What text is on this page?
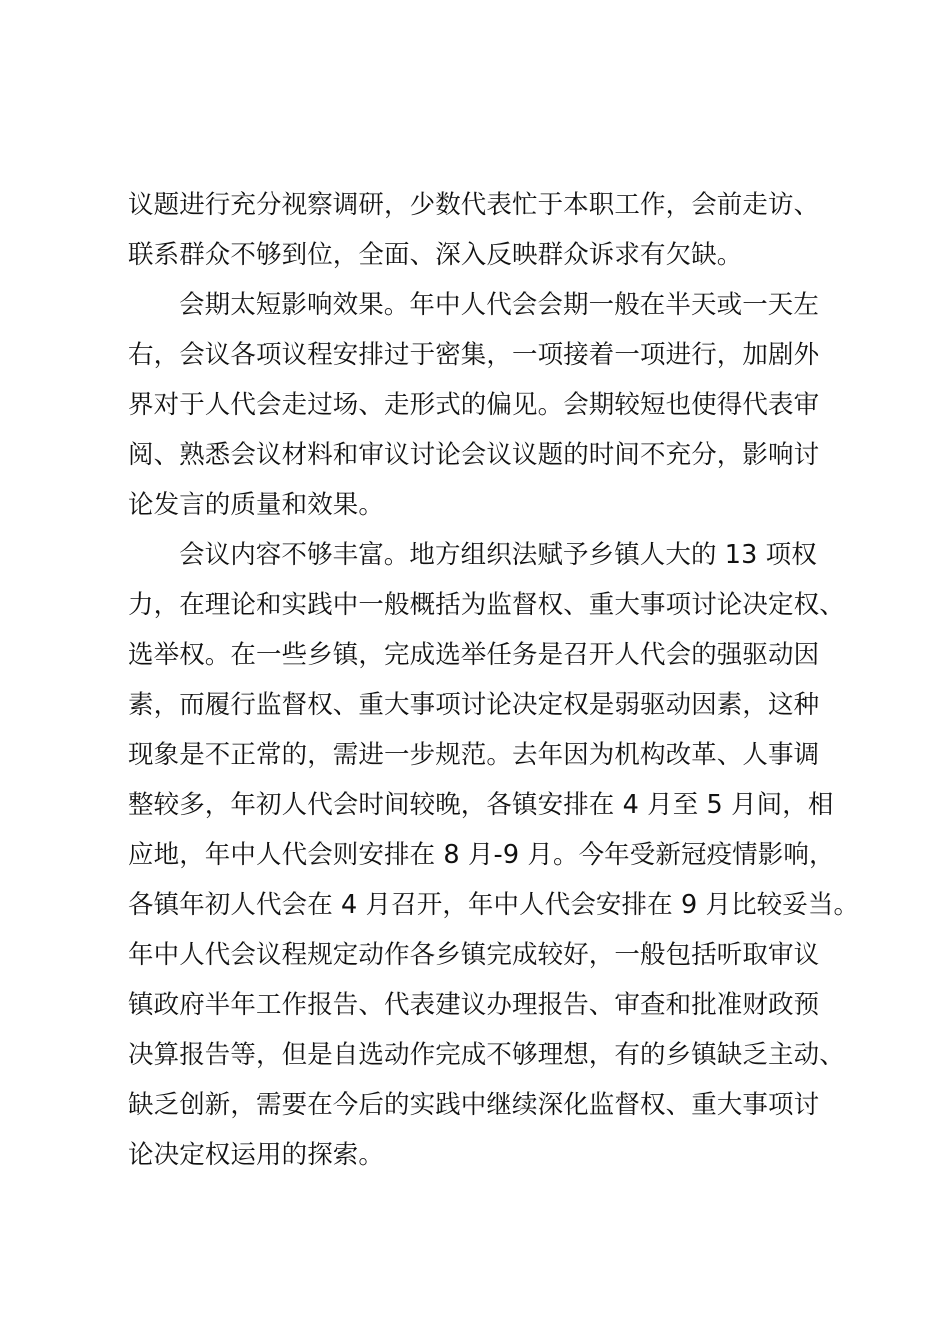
议题进行充分视察调研，少数代表忙于本职工作，会前走访、
联系群众不够到位，全面、深入反映群众诉求有欠缺。
会期太短影响效果。年中人代会会期一般在半天或一天左
右，会议各项议程安排过于密集，一项接着一项进行，加剧外
界对于人代会走过场、走形式的偏见。会期较短也使得代表审
阅、熟悉会议材料和审议讨论会议议题的时间不充分，影响讨
论发言的质量和效果。
会议内容不够丰富。地方组织法赋予乡镇人大的 13 项权
力，在理论和实践中一般概括为监督权、重大事项讨论决定权、
选举权。在一些乡镇，完成选举任务是召开人代会的强驱动因
素，而履行监督权、重大事项讨论决定权是弱驱动因素，这种
现象是不正常的，需进一步规范。去年因为机构改革、人事调
整较多，年初人代会时间较晚，各镇安排在 4 月至 5 月间，相
应地，年中人代会则安排在 8 月-9 月。今年受新冠疫情影响，
各镇年初人代会在 4 月召开，年中人代会安排在 9 月比较妥当。
年中人代会议程规定动作各乡镇完成较好，一般包括听取审议
镇政府半年工作报告、代表建议办理报告、审查和批准财政预
决算报告等，但是自选动作完成不够理想，有的乡镇缺乏主动、
缺乏创新，需要在今后的实践中继续深化监督权、重大事项讨
论决定权运用的探索。
